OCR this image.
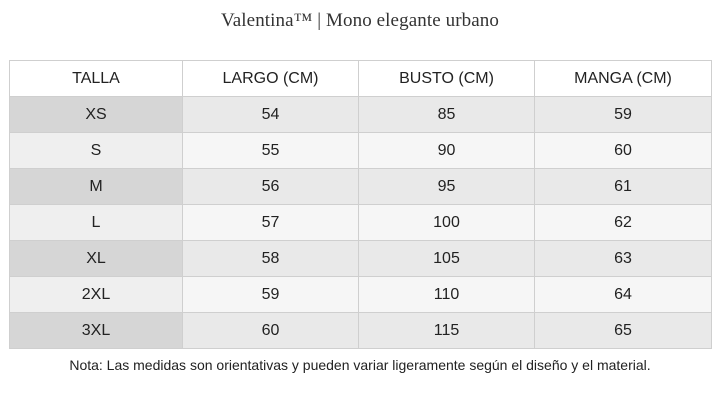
Valentina™ | Mono elegante urbano
TALLA	LARGO (CM)	BUSTO (CM)	MANGA (CM)
XS	54	85	59
S	55	90	60
M	56	95	61
L	57	100	62
XL	58	105	63
2XL	59	110	64
3XL	60	115	65
Nota: Las medidas son orientativas y pueden variar ligeramente según el diseño y el material.
